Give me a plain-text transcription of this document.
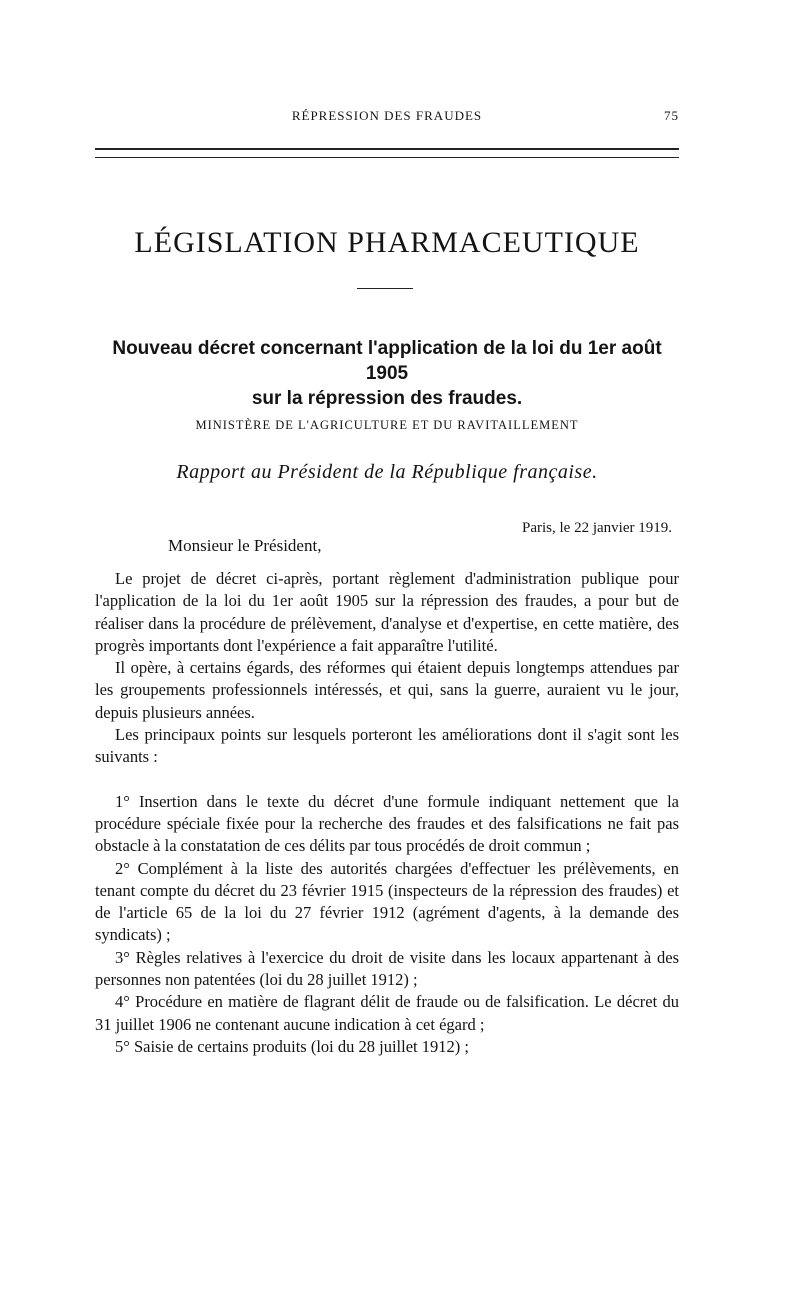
RÉPRESSION DES FRAUDES	75
LÉGISLATION PHARMACEUTIQUE
Nouveau décret concernant l'application de la loi du 1er août 1905
sur la répression des fraudes.
MINISTÈRE DE L'AGRICULTURE ET DU RAVITAILLEMENT
Rapport au Président de la République française.
Paris, le 22 janvier 1919.
Monsieur le Président,

Le projet de décret ci-après, portant règlement d'administration publique pour l'application de la loi du 1er août 1905 sur la répression des fraudes, a pour but de réaliser dans la procédure de prélèvement, d'analyse et d'expertise, en cette matière, des progrès importants dont l'expérience a fait apparaître l'utilité.

Il opère, à certains égards, des réformes qui étaient depuis longtemps attendues par les groupements professionnels intéressés, et qui, sans la guerre, auraient vu le jour, depuis plusieurs années.

Les principaux points sur lesquels porteront les améliorations dont il s'agit sont les suivants :

1° Insertion dans le texte du décret d'une formule indiquant nettement que la procédure spéciale fixée pour la recherche des fraudes et des falsifications ne fait pas obstacle à la constatation de ces délits par tous procédés de droit commun ;

2° Complément à la liste des autorités chargées d'effectuer les prélèvements, en tenant compte du décret du 23 février 1915 (inspecteurs de la répression des fraudes) et de l'article 65 de la loi du 27 février 1912 (agrément d'agents, à la demande des syndicats) ;

3° Règles relatives à l'exercice du droit de visite dans les locaux appartenant à des personnes non patentées (loi du 28 juillet 1912) ;

4° Procédure en matière de flagrant délit de fraude ou de falsification. Le décret du 31 juillet 1906 ne contenant aucune indication à cet égard ;

5° Saisie de certains produits (loi du 28 juillet 1912) ;
